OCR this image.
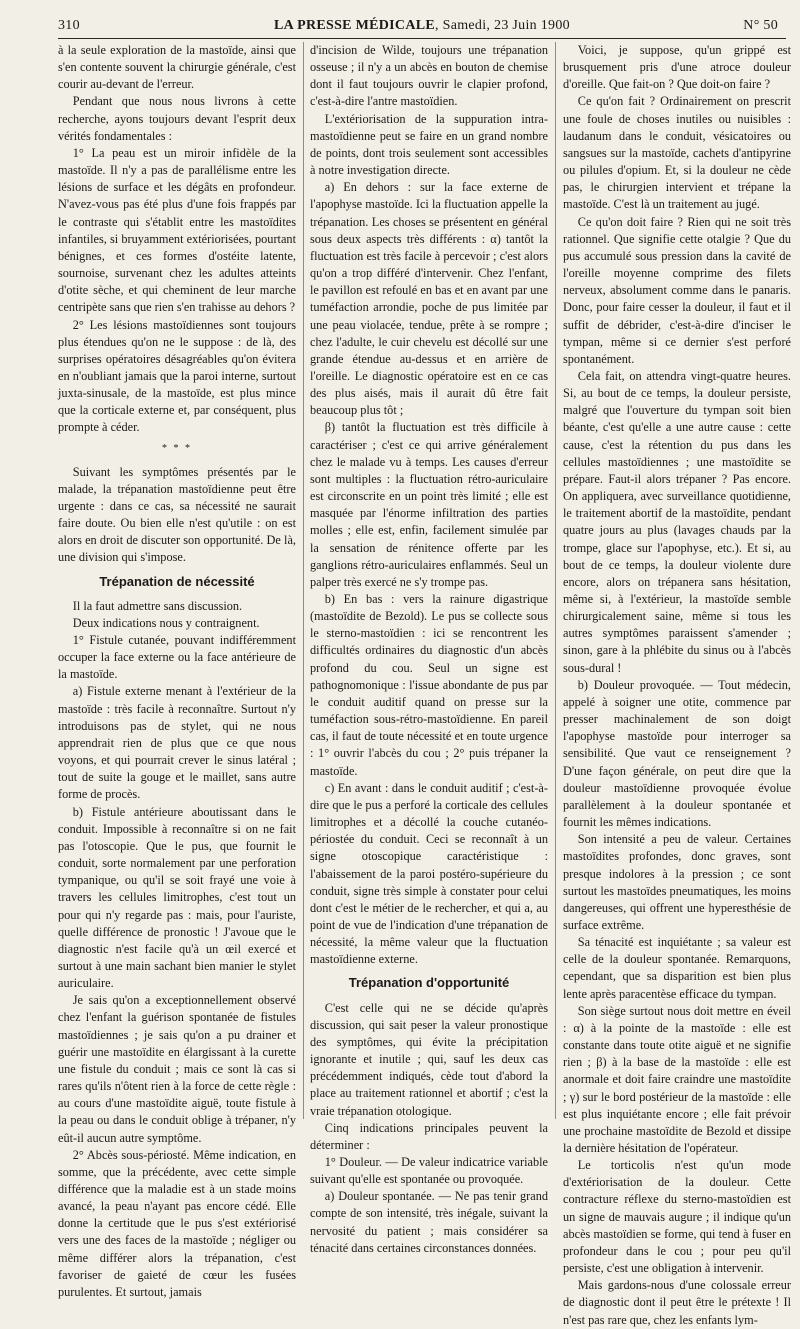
310	LA PRESSE MÉDICALE, Samedi, 23 Juin 1900	N° 50

à la seule exploration de la mastoïde, ainsi que s'en contente souvent la chirurgie générale, c'est courir au-devant de l'erreur.

Pendant que nous nous livrons à cette recherche, ayons toujours devant l'esprit deux vérités fondamentales :

1° La peau est un miroir infidèle de la mastoïde. Il n'y a pas de parallélisme entre les lésions de surface et les dégâts en profondeur. N'avez-vous pas été plus d'une fois frappés par le contraste qui s'établit entre les mastoïdites infantiles, si bruyamment extériorisées, pourtant bénignes, et ces formes d'ostéite latente, sournoise, survenant chez les adultes atteints d'otite sèche, et qui cheminent de leur marche centripète sans que rien s'en trahisse au dehors ?

2° Les lésions mastoïdiennes sont toujours plus étendues qu'on ne le suppose : de là, des surprises opératoires désagréables qu'on évitera en n'oubliant jamais que la paroi interne, surtout juxta-sinusale, de la mastoïde, est plus mince que la corticale externe et, par conséquent, plus prompte à céder.

* * *

Suivant les symptômes présentés par le malade, la trépanation mastoïdienne peut être urgente : dans ce cas, sa nécessité ne saurait faire doute. Ou bien elle n'est qu'utile : on est alors en droit de discuter son opportunité. De là, une division qui s'impose.

Trépanation de nécessité

Il la faut admettre sans discussion.

Deux indications nous y contraignent.

1° Fistule cutanée, pouvant indifféremment occuper la face externe ou la face antérieure de la mastoïde.

a) Fistule externe menant à l'extérieur de la mastoïde : très facile à reconnaître. Surtout n'y introduisons pas de stylet, qui ne nous apprendrait rien de plus que ce que nous voyons, et qui pourrait crever le sinus latéral ; tout de suite la gouge et le maillet, sans autre forme de procès.

b) Fistule antérieure aboutissant dans le conduit. Impossible à reconnaître si on ne fait pas l'otoscopie. Que le pus, que fournit le conduit, sorte normalement par une perforation tympanique, ou qu'il se soit frayé une voie à travers les cellules limitrophes, c'est tout un pour qui n'y regarde pas : mais, pour l'auriste, quelle différence de pronostic ! J'avoue que le diagnostic n'est facile qu'à un œil exercé et surtout à une main sachant bien manier le stylet auriculaire.

Je sais qu'on a exceptionnellement observé chez l'enfant la guérison spontanée de fistules mastoïdiennes ; je sais qu'on a pu drainer et guérir une mastoïdite en élargissant à la curette une fistule du conduit ; mais ce sont là cas si rares qu'ils n'ôtent rien à la force de cette règle : au cours d'une mastoïdite aiguë, toute fistule à la peau ou dans le conduit oblige à trépaner, n'y eût-il aucun autre symptôme.

2° Abcès sous-périosté. Même indication, en somme, que la précédente, avec cette simple différence que la maladie est à un stade moins avancé, la peau n'ayant pas encore cédé. Elle donne la certitude que le pus s'est extériorisé vers une des faces de la mastoïde ; négliger ou même différer alors la trépanation, c'est favoriser de gaieté de cœur les fusées purulentes. Et surtout, jamais

d'incision de Wilde, toujours une trépanation osseuse ; il n'y a un abcès en bouton de chemise dont il faut toujours ouvrir le clapier profond, c'est-à-dire l'antre mastoïdien.

L'extériorisation de la suppuration intra-mastoïdienne peut se faire en un grand nombre de points, dont trois seulement sont accessibles à notre investigation directe.

a) En dehors : sur la face externe de l'apophyse mastoïde. Ici la fluctuation appelle la trépanation. Les choses se présentent en général sous deux aspects très différents : α) tantôt la fluctuation est très facile à percevoir ; c'est alors qu'on a trop différé d'intervenir. Chez l'enfant, le pavillon est refoulé en bas et en avant par une tuméfaction arrondie, poche de pus limitée par une peau violacée, tendue, prête à se rompre ; chez l'adulte, le cuir chevelu est décollé sur une grande étendue au-dessus et en arrière de l'oreille. Le diagnostic opératoire est en ce cas des plus aisés, mais il aurait dû être fait beaucoup plus tôt ;

β) tantôt la fluctuation est très difficile à caractériser ; c'est ce qui arrive généralement chez le malade vu à temps. Les causes d'erreur sont multiples : la fluctuation rétro-auriculaire est circonscrite en un point très limité ; elle est masquée par l'énorme infiltration des parties molles ; elle est, enfin, facilement simulée par la sensation de rénitence offerte par les ganglions rétro-auriculaires enflammés. Seul un palper très exercé ne s'y trompe pas.

b) En bas : vers la rainure digastrique (mastoïdite de Bezold). Le pus se collecte sous le sterno-mastoïdien : ici se rencontrent les difficultés ordinaires du diagnostic d'un abcès profond du cou. Seul un signe est pathognomonique : l'issue abondante de pus par le conduit auditif quand on presse sur la tuméfaction sous-rétro-mastoïdienne. En pareil cas, il faut de toute nécessité et en toute urgence : 1° ouvrir l'abcès du cou ; 2° puis trépaner la mastoïde.

c) En avant : dans le conduit auditif ; c'est-à-dire que le pus a perforé la corticale des cellules limitrophes et a décollé la couche cutanéo-périostée du conduit. Ceci se reconnaît à un signe otoscopique caractéristique : l'abaissement de la paroi postéro-supérieure du conduit, signe très simple à constater pour celui dont c'est le métier de le rechercher, et qui a, au point de vue de l'indication d'une trépanation de nécessité, la même valeur que la fluctuation mastoïdienne externe.

Trépanation d'opportunité

C'est celle qui ne se décide qu'après discussion, qui sait peser la valeur pronostique des symptômes, qui évite la précipitation ignorante et inutile ; qui, sauf les deux cas précédemment indiqués, cède tout d'abord la place au traitement rationnel et abortif ; c'est la vraie trépanation otologique.

Cinq indications principales peuvent la déterminer :

1° Douleur. — De valeur indicatrice variable suivant qu'elle est spontanée ou provoquée.

a) Douleur spontanée. — Ne pas tenir grand compte de son intensité, très inégale, suivant la nervosité du patient ; mais considérer sa ténacité dans certaines circonstances données.

Voici, je suppose, qu'un grippé est brusquement pris d'une atroce douleur d'oreille. Que fait-on ? Que doit-on faire ?

Ce qu'on fait ? Ordinairement on prescrit une foule de choses inutiles ou nuisibles : laudanum dans le conduit, vésicatoires ou sangsues sur la mastoïde, cachets d'antipyrine ou pilules d'opium. Et, si la douleur ne cède pas, le chirurgien intervient et trépane la mastoïde. C'est là un traitement au jugé.

Ce qu'on doit faire ? Rien qui ne soit très rationnel. Que signifie cette otalgie ? Que du pus accumulé sous pression dans la cavité de l'oreille moyenne comprime des filets nerveux, absolument comme dans le panaris. Donc, pour faire cesser la douleur, il faut et il suffit de débrider, c'est-à-dire d'inciser le tympan, même si ce dernier s'est perforé spontanément.

Cela fait, on attendra vingt-quatre heures. Si, au bout de ce temps, la douleur persiste, malgré que l'ouverture du tympan soit bien béante, c'est qu'elle a une autre cause : cette cause, c'est la rétention du pus dans les cellules mastoïdiennes ; une mastoïdite se prépare. Faut-il alors trépaner ? Pas encore. On appliquera, avec surveillance quotidienne, le traitement abortif de la mastoïdite, pendant quatre jours au plus (lavages chauds par la trompe, glace sur l'apophyse, etc.). Et si, au bout de ce temps, la douleur violente dure encore, alors on trépanera sans hésitation, même si, à l'extérieur, la mastoïde semble chirurgicalement saine, même si tous les autres symptômes paraissent s'amender ; sinon, gare à la phlébite du sinus ou à l'abcès sous-dural !

b) Douleur provoquée. — Tout médecin, appelé à soigner une otite, commence par presser machinalement de son doigt l'apophyse mastoïde pour interroger sa sensibilité. Que vaut ce renseignement ? D'une façon générale, on peut dire que la douleur mastoïdienne provoquée évolue parallèlement à la douleur spontanée et fournit les mêmes indications.

Son intensité a peu de valeur. Certaines mastoïdites profondes, donc graves, sont presque indolores à la pression ; ce sont surtout les mastoïdes pneumatiques, les moins dangereuses, qui offrent une hyperesthésie de surface extrême.

Sa ténacité est inquiétante ; sa valeur est celle de la douleur spontanée. Remarquons, cependant, que sa disparition est bien plus lente après paracentèse efficace du tympan.

Son siège surtout nous doit mettre en éveil : α) à la pointe de la mastoïde : elle est constante dans toute otite aiguë et ne signifie rien ; β) à la base de la mastoïde : elle est anormale et doit faire craindre une mastoïdite ; γ) sur le bord postérieur de la mastoïde : elle est plus inquiétante encore ; elle fait prévoir une prochaine mastoïdite de Bezold et dissipe la dernière hésitation de l'opérateur.

Le torticolis n'est qu'un mode d'extériorisation de la douleur. Cette contracture réflexe du sterno-mastoïdien est un signe de mauvais augure ; il indique qu'un abcès mastoïdien se forme, qui tend à fuser en profondeur dans le cou ; pour peu qu'il persiste, c'est une obligation à intervenir.

Mais gardons-nous d'une colossale erreur de diagnostic dont il peut être le prétexte ! Il n'est pas rare que, chez les enfants lym-
